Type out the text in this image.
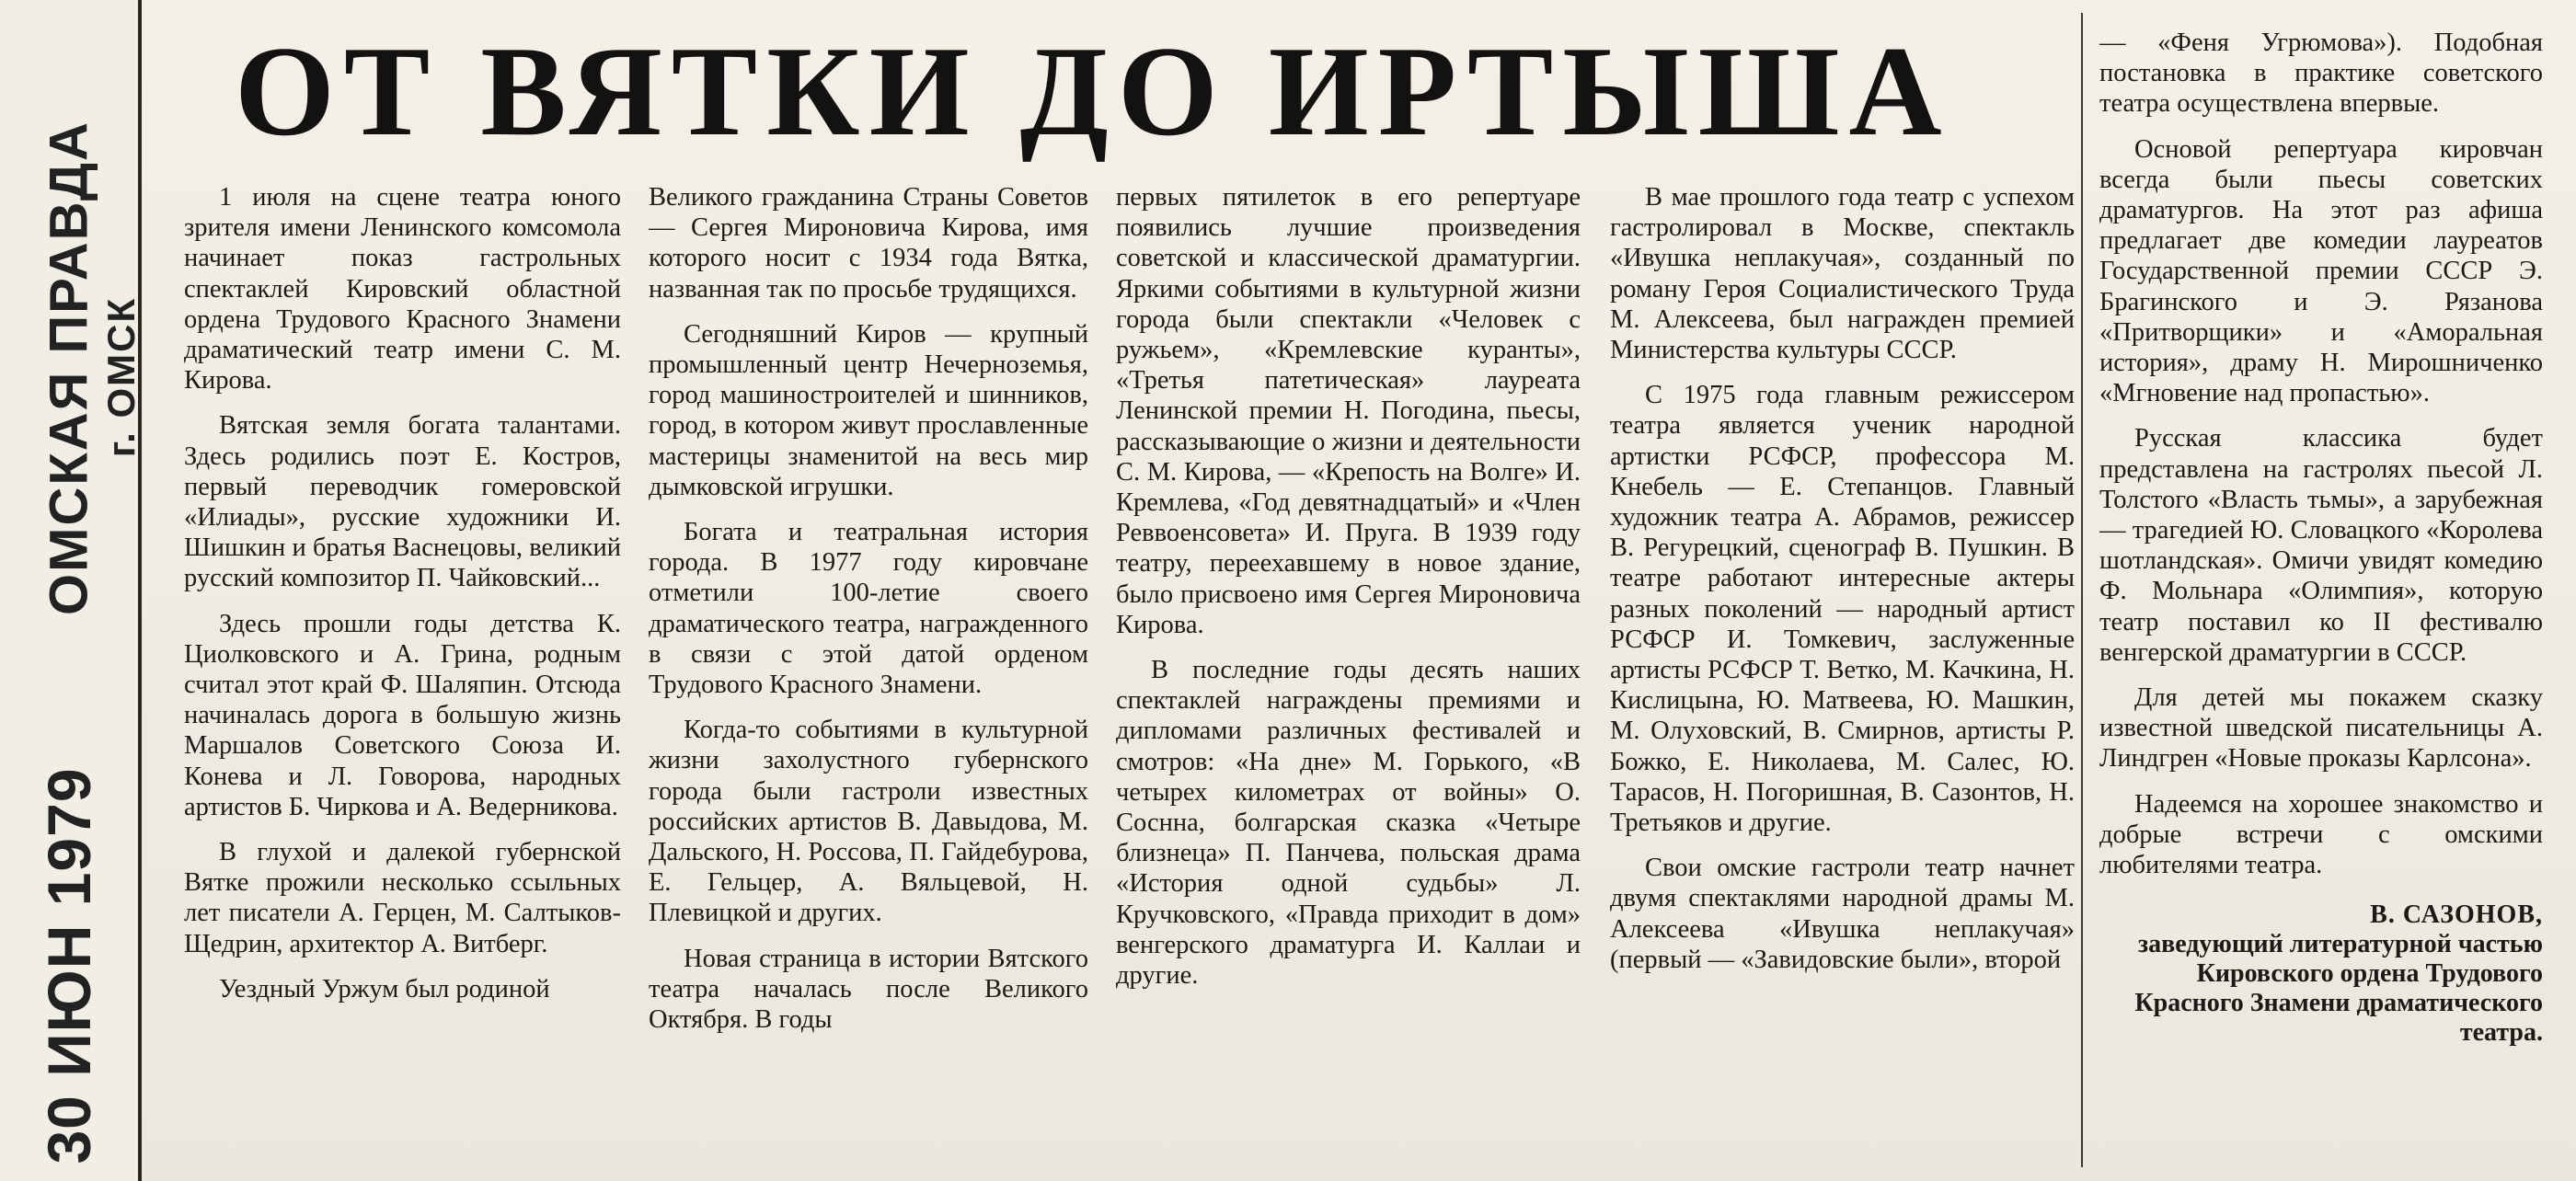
ОМСКАЯ ПРАВДА г. ОМСК
30 ИЮН 1979
ОТ ВЯТКИ ДО ИРТЫША

1 июля на сцене театра юного зрителя имени Ленинского комсомола начинает показ гастрольных спектаклей Кировский областной ордена Трудового Красного Знамени драматический театр имени С. М. Кирова.

Вятская земля богата талантами. Здесь родились поэт Е. Костров, первый переводчик гомеровской «Илиады», русские художники И. Шишкин и братья Васнецовы, великий русский композитор П. Чайковский...

Здесь прошли годы детства К. Циолковского и А. Грина, родным считал этот край Ф. Шаляпин. Отсюда начиналась дорога в большую жизнь Маршалов Советского Союза И. Конева и Л. Говорова, народных артистов Б. Чиркова и А. Ведерникова.

В глухой и далекой губернской Вятке прожили несколько ссыльных лет писатели А. Герцен, М. Салтыков-Щедрин, архитектор А. Витберг.

Уездный Уржум был родиной

Великого гражданина Страны Советов — Сергея Мироновича Кирова, имя которого носит с 1934 года Вятка, названная так по просьбе трудящихся.

Сегодняшний Киров — крупный промышленный центр Нечерноземья, город машиностроителей и шинников, город, в котором живут прославленные мастерицы знаменитой на весь мир дымковской игрушки.

Богата и театральная история города. В 1977 году кировчане отметили 100-летие своего драматического театра, награжденного в связи с этой датой орденом Трудового Красного Знамени.

Когда-то событиями в культурной жизни захолустного губернского города были гастроли известных российских артистов В. Давыдова, М. Дальского, Н. Россова, П. Гайдебурова, Е. Гельцер, А. Вяльцевой, Н. Плевицкой и других.

Новая страница в истории Вятского театра началась после Великого Октября. В годы

первых пятилеток в его репертуаре появились лучшие произведения советской и классической драматургии. Яркими событиями в культурной жизни города были спектакли «Человек с ружьем», «Кремлевские куранты», «Третья патетическая» лауреата Ленинской премии Н. Погодина, пьесы, рассказывающие о жизни и деятельности С. М. Кирова, — «Крепость на Волге» И. Кремлева, «Год девятнадцатый» и «Член Реввоенсовета» И. Пруга. В 1939 году театру, переехавшему в новое здание, было присвоено имя Сергея Мироновича Кирова.

В последние годы десять наших спектаклей награждены премиями и дипломами различных фестивалей и смотров: «На дне» М. Горького, «В четырех километрах от войны» О. Соснна, болгарская сказка «Четыре близнеца» П. Панчева, польская драма «История одной судьбы» Л. Кручковского, «Правда приходит в дом» венгерского драматурга И. Каллаи и другие.

В мае прошлого года театр с успехом гастролировал в Москве, спектакль «Ивушка неплакучая», созданный по роману Героя Социалистического Труда М. Алексеева, был награжден премией Министерства культуры СССР.

С 1975 года главным режиссером театра является ученик народной артистки РСФСР, профессора М. Кнебель — Е. Степанцов. Главный художник театра А. Абрамов, режиссер В. Регурецкий, сценограф В. Пушкин. В театре работают интересные актеры разных поколений — народный артист РСФСР И. Томкевич, заслуженные артисты РСФСР Т. Ветко, М. Качкина, Н. Кислицына, Ю. Матвеева, Ю. Машкин, М. Олуховский, В. Смирнов, артисты Р. Божко, Е. Николаева, М. Салес, Ю. Тарасов, Н. Погоришная, В. Сазонтов, Н. Третьяков и другие.

Свои омские гастроли театр начнет двумя спектаклями народной драмы М. Алексеева «Ивушка неплакучая» (первый — «Завидовские были», второй

— «Феня Угрюмова»). Подобная постановка в практике советского театра осуществлена впервые.

Основой репертуара кировчан всегда были пьесы советских драматургов. На этот раз афиша предлагает две комедии лауреатов Государственной премии СССР Э. Брагинского и Э. Рязанова «Притворщики» и «Аморальная история», драму Н. Мирошниченко «Мгновение над пропастью».

Русская классика будет представлена на гастролях пьесой Л. Толстого «Власть тьмы», а зарубежная — трагедией Ю. Словацкого «Королева шотландская». Омичи увидят комедию Ф. Мольнара «Олимпия», которую театр поставил ко II фестивалю венгерской драматургии в СССР.

Для детей мы покажем сказку известной шведской писательницы А. Линдгрен «Новые проказы Карлсона».

Надеемся на хорошее знакомство и добрые встречи с омскими любителями театра.

В. САЗОНОВ,
заведующий литературной частью Кировского ордена Трудового Красного Знамени драматического театра.
